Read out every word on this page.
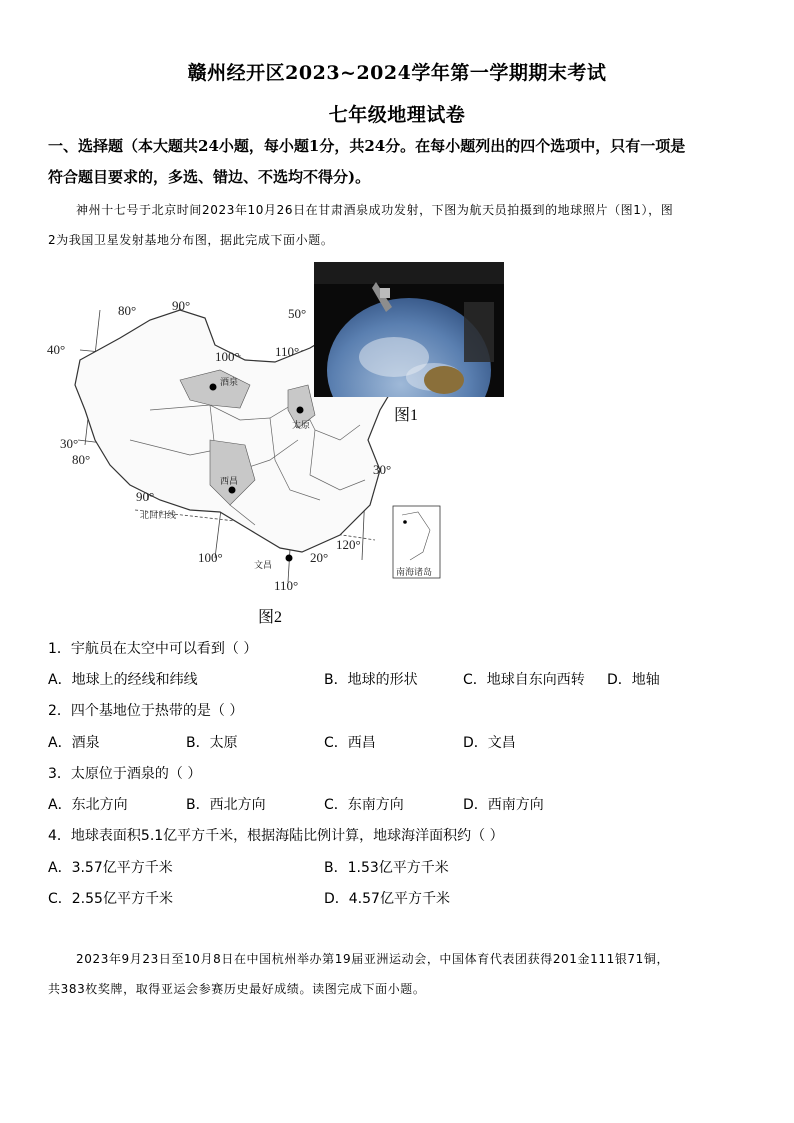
赣州经开区2023~2024学年第一学期期末考试
七年级地理试卷
一、选择题（本大题共24小题，每小题1分，共24分。在每小题列出的四个选项中，只有一项是
符合题目要求的，多选、错边、不选均不得分)。
神州十七号于北京时间2023年10月26日在甘肃酒泉成功发射，下图为航天员拍摄到的地球照片（图1），图
2为我国卫星发射基地分布图，据此完成下面小题。
南海诸岛
酒泉
太原
西昌
文昌
80°	90°
50°
40°	100°	110°
30°
80°
30°
90°
北回归线
120°
100°	20°
110°
图2
图1
1．宇航员在太空中可以看到（ ）
A．地球上的经线和纬线	B．地球的形状	C．地球自东向西转 D．地轴
2．四个基地位于热带的是（ ）
A．酒泉	B．太原	C．西昌	D．文昌
3．太原位于酒泉的（ ）
A．东北方向	B．西北方向	C．东南方向	D．西南方向
4．地球表面积5.1亿平方千米，根据海陆比例计算，地球海洋面积约（ ）
A．3.57亿平方千米	B．1.53亿平方千米
C．2.55亿平方千米	D．4.57亿平方千米
2023年9月23日至10月8日在中国杭州举办第19届亚洲运动会，中国体育代表团获得201金111银71铜，
共383枚奖牌，取得亚运会参赛历史最好成绩。读图完成下面小题。
